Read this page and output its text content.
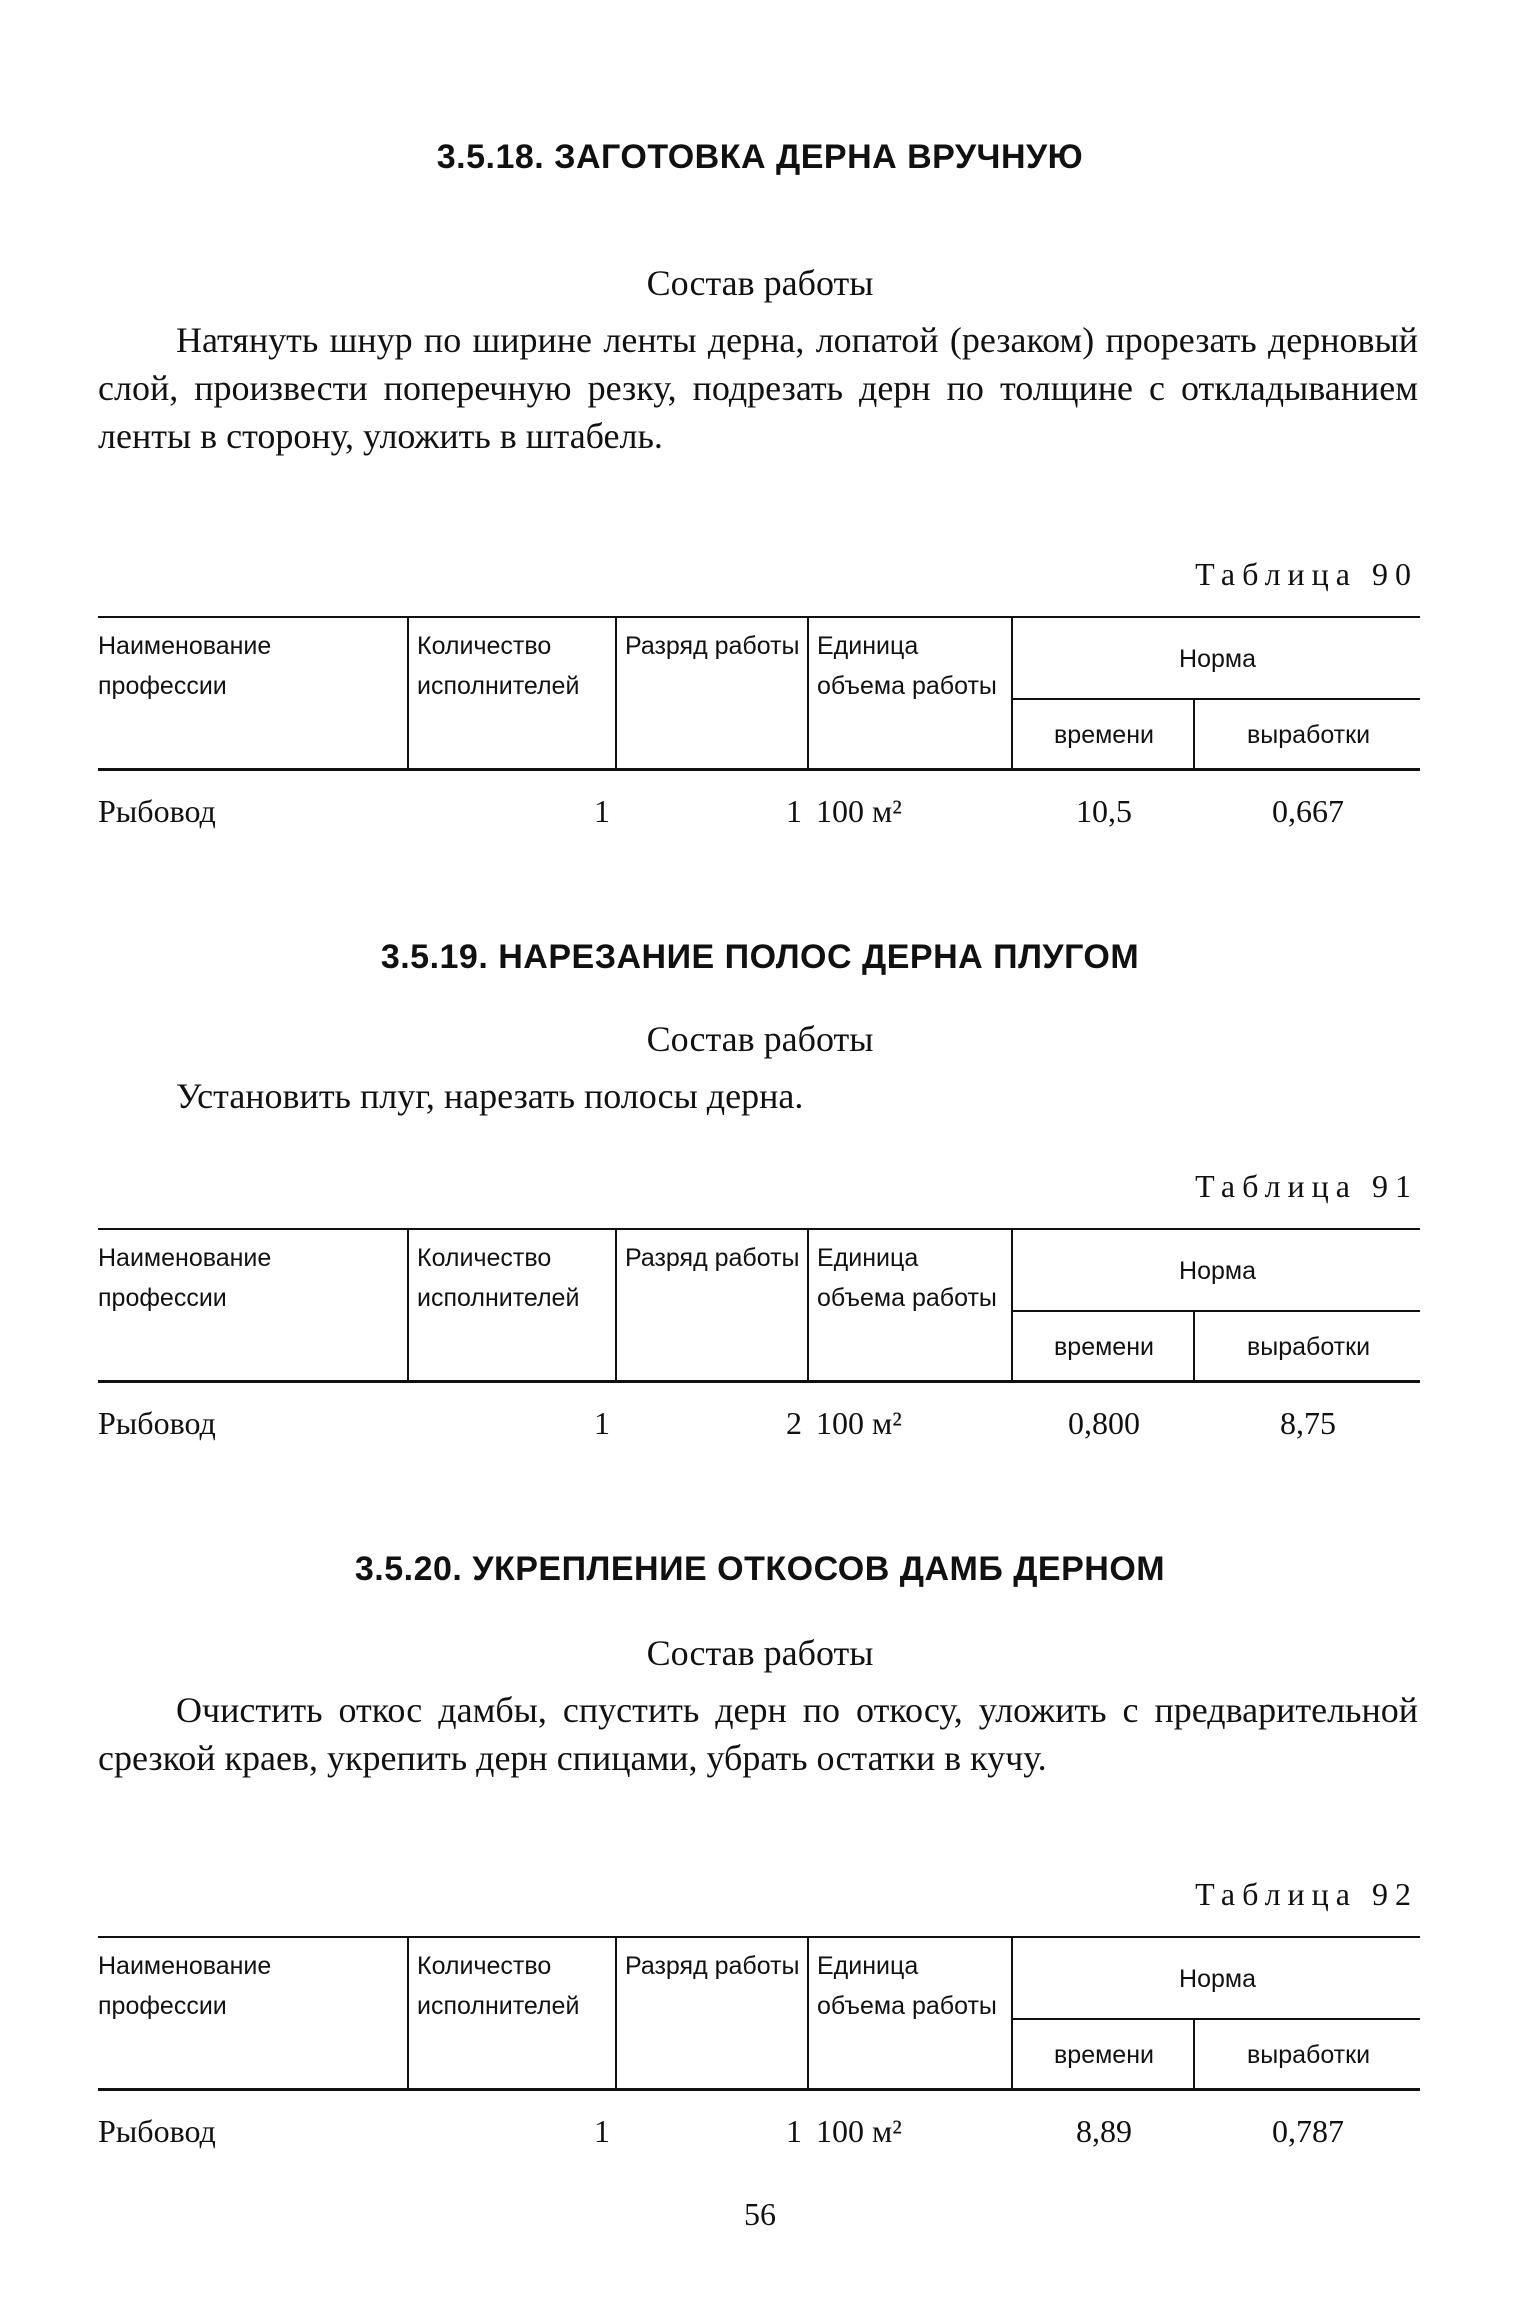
3.5.18. ЗАГОТОВКА ДЕРНА ВРУЧНУЮ
Состав работы
Натянуть шнур по ширине ленты дерна, лопатой (резаком) прорезать дерновый слой, произвести поперечную резку, подрезать дерн по толщине с откладыванием ленты в сторону, уложить в штабель.
Таблица 90
Наименование профессии	Количество исполнителей	Разряд работы	Единица объема работы	Норма	
				времени	выработки
Рыбовод	1	1	100 м²	10,5	0,667
3.5.19. НАРЕЗАНИЕ ПОЛОС ДЕРНА ПЛУГОМ
Состав работы
Установить плуг, нарезать полосы дерна.
Таблица 91
Наименование профессии	Количество исполнителей	Разряд работы	Единица объема работы	Норма	
				времени	выработки
Рыбовод	1	2	100 м²	0,800	8,75
3.5.20. УКРЕПЛЕНИЕ ОТКОСОВ ДАМБ ДЕРНОМ
Состав работы
Очистить откос дамбы, спустить дерн по откосу, уложить с предварительной срезкой краев, укрепить дерн спицами, убрать остатки в кучу.
Таблица 92
Наименование профессии	Количество исполнителей	Разряд работы	Единица объема работы	Норма	
				времени	выработки
Рыбовод	1	1	100 м²	8,89	0,787
56
